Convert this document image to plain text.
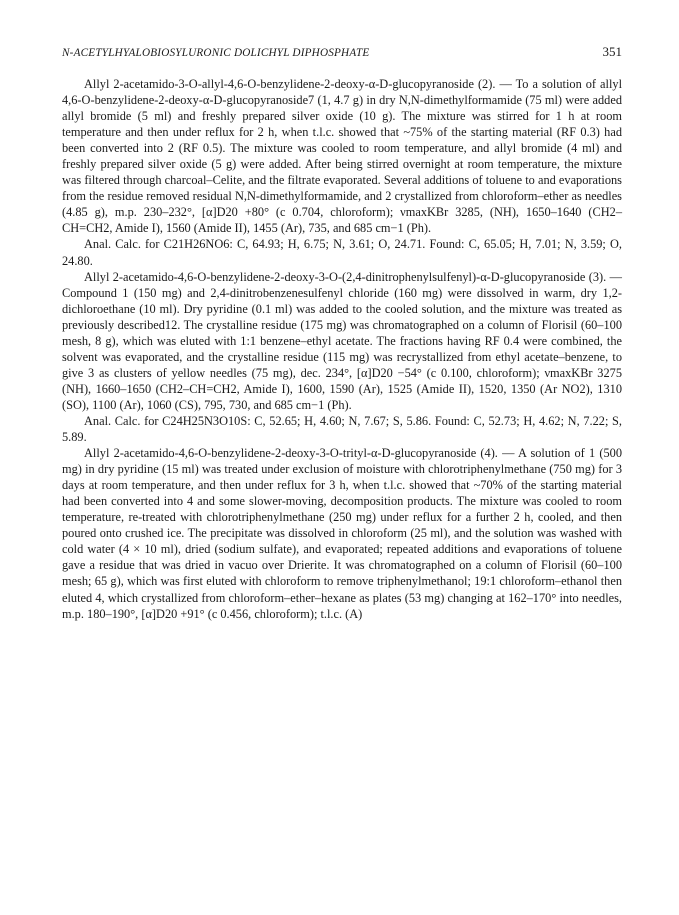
N-ACETYLHYALOBIOSYLURONIC DOLICHYL DIPHOSPHATE	351

Allyl 2-acetamido-3-O-allyl-4,6-O-benzylidene-2-deoxy-α-D-glucopyranoside (2). — To a solution of allyl 4,6-O-benzylidene-2-deoxy-α-D-glucopyranoside7 (1, 4.7 g) in dry N,N-dimethylformamide (75 ml) were added allyl bromide (5 ml) and freshly prepared silver oxide (10 g). The mixture was stirred for 1 h at room temperature and then under reflux for 2 h, when t.l.c. showed that ~75% of the starting material (RF 0.3) had been converted into 2 (RF 0.5). The mixture was cooled to room temperature, and allyl bromide (4 ml) and freshly prepared silver oxide (5 g) were added. After being stirred overnight at room temperature, the mixture was filtered through charcoal–Celite, and the filtrate evaporated. Several additions of toluene to and evaporations from the residue removed residual N,N-dimethylformamide, and 2 crystallized from chloroform–ether as needles (4.85 g), m.p. 230–232°, [α]D20 +80° (c 0.704, chloroform); νmaxKBr 3285, (NH), 1650–1640 (CH2–CH=CH2, Amide I), 1560 (Amide II), 1455 (Ar), 735, and 685 cm−1 (Ph).

Anal. Calc. for C21H26NO6: C, 64.93; H, 6.75; N, 3.61; O, 24.71. Found: C, 65.05; H, 7.01; N, 3.59; O, 24.80.

Allyl 2-acetamido-4,6-O-benzylidene-2-deoxy-3-O-(2,4-dinitrophenylsulfenyl)-α-D-glucopyranoside (3). — Compound 1 (150 mg) and 2,4-dinitrobenzenesulfenyl chloride (160 mg) were dissolved in warm, dry 1,2-dichloroethane (10 ml). Dry pyridine (0.1 ml) was added to the cooled solution, and the mixture was treated as previously described12. The crystalline residue (175 mg) was chromatographed on a column of Florisil (60–100 mesh, 8 g), which was eluted with 1:1 benzene–ethyl acetate. The fractions having RF 0.4 were combined, the solvent was evaporated, and the crystalline residue (115 mg) was recrystallized from ethyl acetate–benzene, to give 3 as clusters of yellow needles (75 mg), dec. 234°, [α]D20 −54° (c 0.100, chloroform); νmaxKBr 3275 (NH), 1660–1650 (CH2–CH=CH2, Amide I), 1600, 1590 (Ar), 1525 (Amide II), 1520, 1350 (Ar NO2), 1310 (SO), 1100 (Ar), 1060 (CS), 795, 730, and 685 cm−1 (Ph).

Anal. Calc. for C24H25N3O10S: C, 52.65; H, 4.60; N, 7.67; S, 5.86. Found: C, 52.73; H, 4.62; N, 7.22; S, 5.89.

Allyl 2-acetamido-4,6-O-benzylidene-2-deoxy-3-O-trityl-α-D-glucopyranoside (4). — A solution of 1 (500 mg) in dry pyridine (15 ml) was treated under exclusion of moisture with chlorotriphenylmethane (750 mg) for 3 days at room temperature, and then under reflux for 3 h, when t.l.c. showed that ~70% of the starting material had been converted into 4 and some slower-moving, decomposition products. The mixture was cooled to room temperature, re-treated with chlorotriphenylmethane (250 mg) under reflux for a further 2 h, cooled, and then poured onto crushed ice. The precipitate was dissolved in chloroform (25 ml), and the solution was washed with cold water (4 × 10 ml), dried (sodium sulfate), and evaporated; repeated additions and evaporations of toluene gave a residue that was dried in vacuo over Drierite. It was chromatographed on a column of Florisil (60–100 mesh; 65 g), which was first eluted with chloroform to remove triphenylmethanol; 19:1 chloroform–ethanol then eluted 4, which crystallized from chloroform–ether–hexane as plates (53 mg) changing at 162–170° into needles, m.p. 180–190°, [α]D20 +91° (c 0.456, chloroform); t.l.c. (A)
